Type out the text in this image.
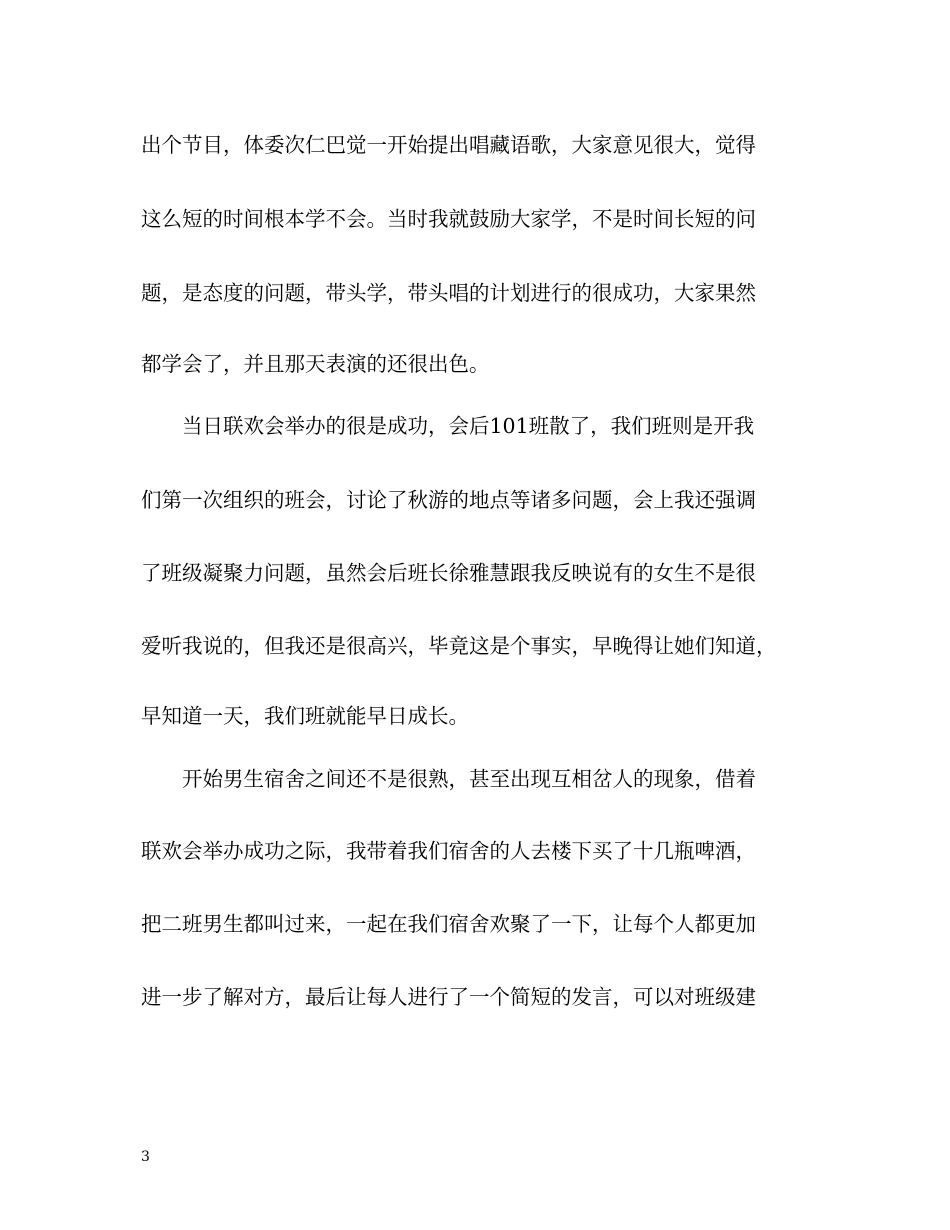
出个节目，体委次仁巴觉一开始提出唱藏语歌，大家意见很大，觉得
这么短的时间根本学不会。当时我就鼓励大家学，不是时间长短的问
题，是态度的问题，带头学，带头唱的计划进行的很成功，大家果然
都学会了，并且那天表演的还很出色。
　　当日联欢会举办的很是成功，会后101班散了，我们班则是开我
们第一次组织的班会，讨论了秋游的地点等诸多问题，会上我还强调
了班级凝聚力问题，虽然会后班长徐雅慧跟我反映说有的女生不是很
爱听我说的，但我还是很高兴，毕竟这是个事实，早晚得让她们知道，
早知道一天，我们班就能早日成长。
　　开始男生宿舍之间还不是很熟，甚至出现互相岔人的现象，借着
联欢会举办成功之际，我带着我们宿舍的人去楼下买了十几瓶啤酒，
把二班男生都叫过来，一起在我们宿舍欢聚了一下，让每个人都更加
进一步了解对方，最后让每人进行了一个简短的发言，可以对班级建
3
